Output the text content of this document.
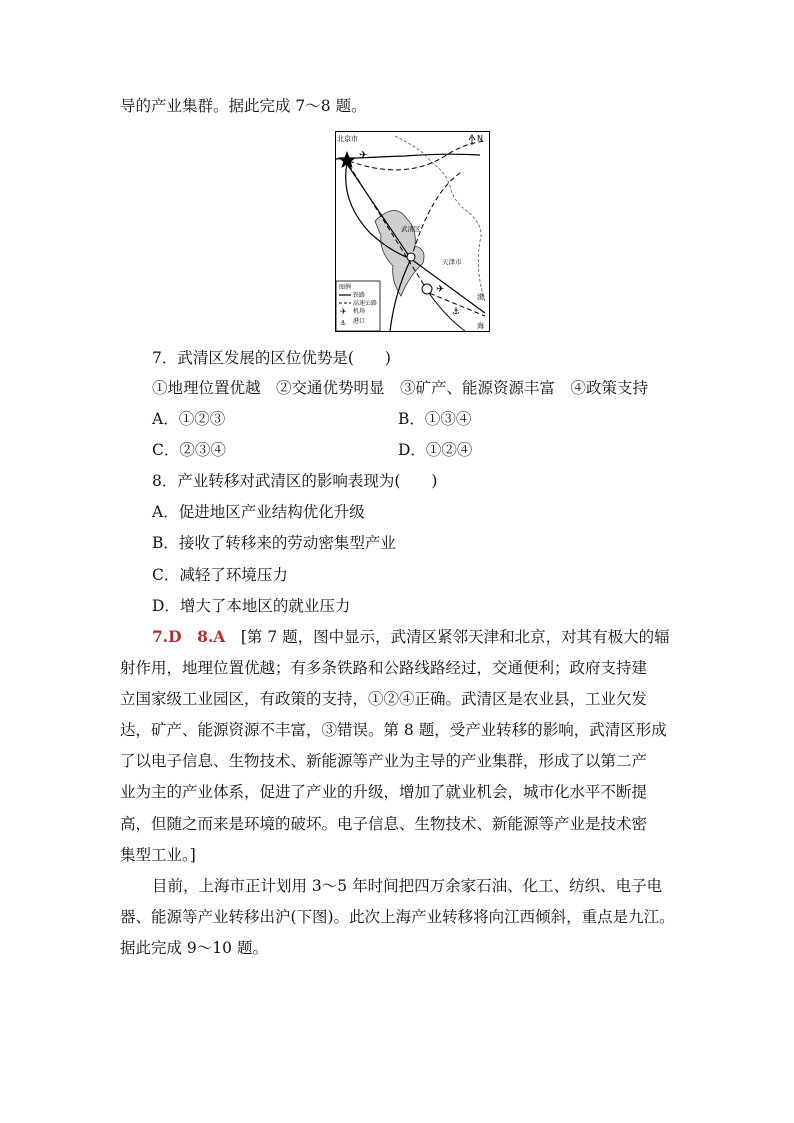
导的产业集群。据此完成 7～8 题。
北京市	N
武清区
天津市
渤
海
✈
✈
⚓
图例
铁路
高速公路
✈ 机场
⚓ 港口
7．武清区发展的区位优势是(　　)
①地理位置优越　②交通优势明显　③矿产、能源资源丰富　④政策支持
A．①②③	B．①③④
C．②③④	D．①②④
8．产业转移对武清区的影响表现为(　　)
A．促进地区产业结构优化升级
B．接收了转移来的劳动密集型产业
C．减轻了环境压力
D．增大了本地区的就业压力
7.D　8.A　[第 7 题，图中显示，武清区紧邻天津和北京，对其有极大的辐
射作用，地理位置优越；有多条铁路和公路线路经过，交通便利；政府支持建
立国家级工业园区，有政策的支持，①②④正确。武清区是农业县，工业欠发
达，矿产、能源资源不丰富，③错误。第 8 题，受产业转移的影响，武清区形成
了以电子信息、生物技术、新能源等产业为主导的产业集群，形成了以第二产
业为主的产业体系，促进了产业的升级，增加了就业机会，城市化水平不断提
高，但随之而来是环境的破坏。电子信息、生物技术、新能源等产业是技术密
集型工业。]
目前，上海市正计划用 3～5 年时间把四万余家石油、化工、纺织、电子电
器、能源等产业转移出沪(下图)。此次上海产业转移将向江西倾斜，重点是九江。
据此完成 9～10 题。
